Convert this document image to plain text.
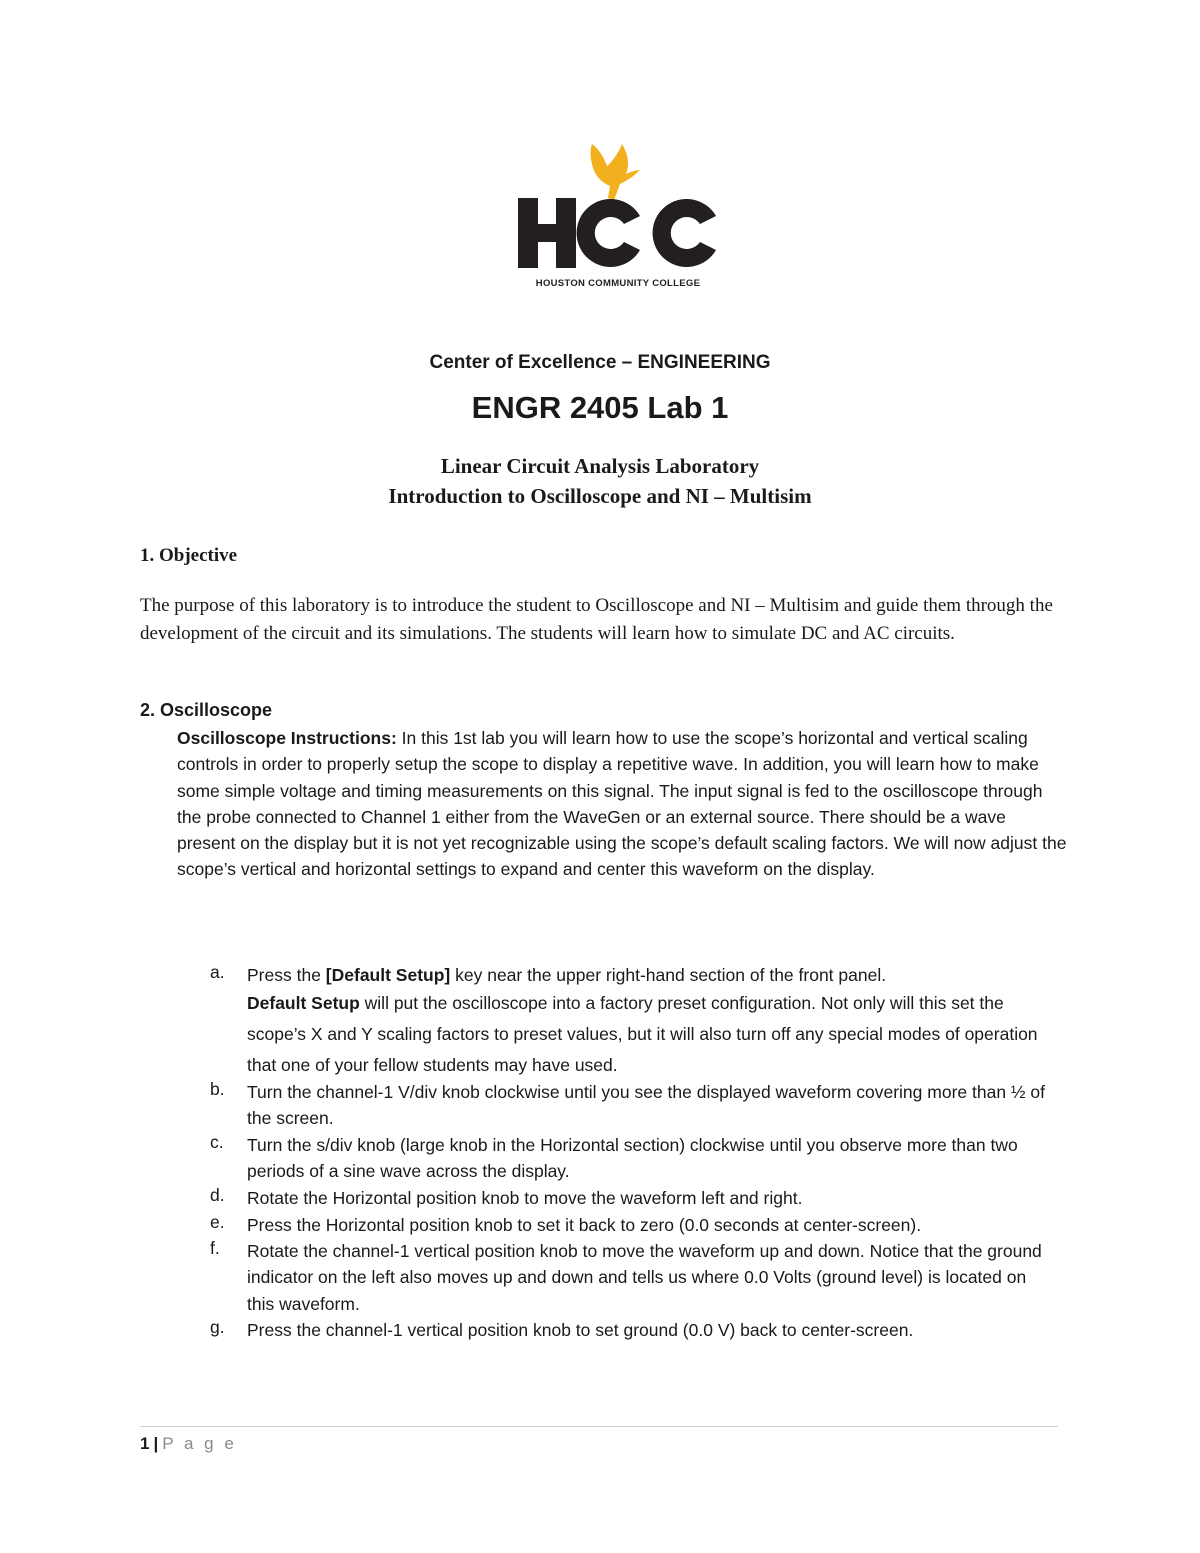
HOUSTON COMMUNITY COLLEGE
Center of Excellence – ENGINEERING
ENGR 2405 Lab 1
Linear Circuit Analysis Laboratory
Introduction to Oscilloscope and NI – Multisim
1. Objective
The purpose of this laboratory is to introduce the student to Oscilloscope and NI – Multisim and guide them through the development of the circuit and its simulations. The students will learn how to simulate DC and AC circuits.
2. Oscilloscope
Oscilloscope Instructions: In this 1st lab you will learn how to use the scope’s horizontal and vertical scaling controls in order to properly setup the scope to display a repetitive wave. In addition, you will learn how to make some simple voltage and timing measurements on this signal. The input signal is fed to the oscilloscope through the probe connected to Channel 1 either from the WaveGen or an external source. There should be a wave present on the display but it is not yet recognizable using the scope’s default scaling factors. We will now adjust the scope’s vertical and horizontal settings to expand and center this waveform on the display.
a. Press the [Default Setup] key near the upper right-hand section of the front panel.
Default Setup will put the oscilloscope into a factory preset configuration. Not only will this set the scope’s X and Y scaling factors to preset values, but it will also turn off any special modes of operation that one of your fellow students may have used.
b. Turn the channel-1 V/div knob clockwise until you see the displayed waveform covering more than ½ of the screen.
c. Turn the s/div knob (large knob in the Horizontal section) clockwise until you observe more than two periods of a sine wave across the display.
d. Rotate the Horizontal position knob to move the waveform left and right.
e. Press the Horizontal position knob to set it back to zero (0.0 seconds at center-screen).
f. Rotate the channel-1 vertical position knob to move the waveform up and down. Notice that the ground indicator on the left also moves up and down and tells us where 0.0 Volts (ground level) is located on this waveform.
g. Press the channel-1 vertical position knob to set ground (0.0 V) back to center-screen.
1 | P a g e
